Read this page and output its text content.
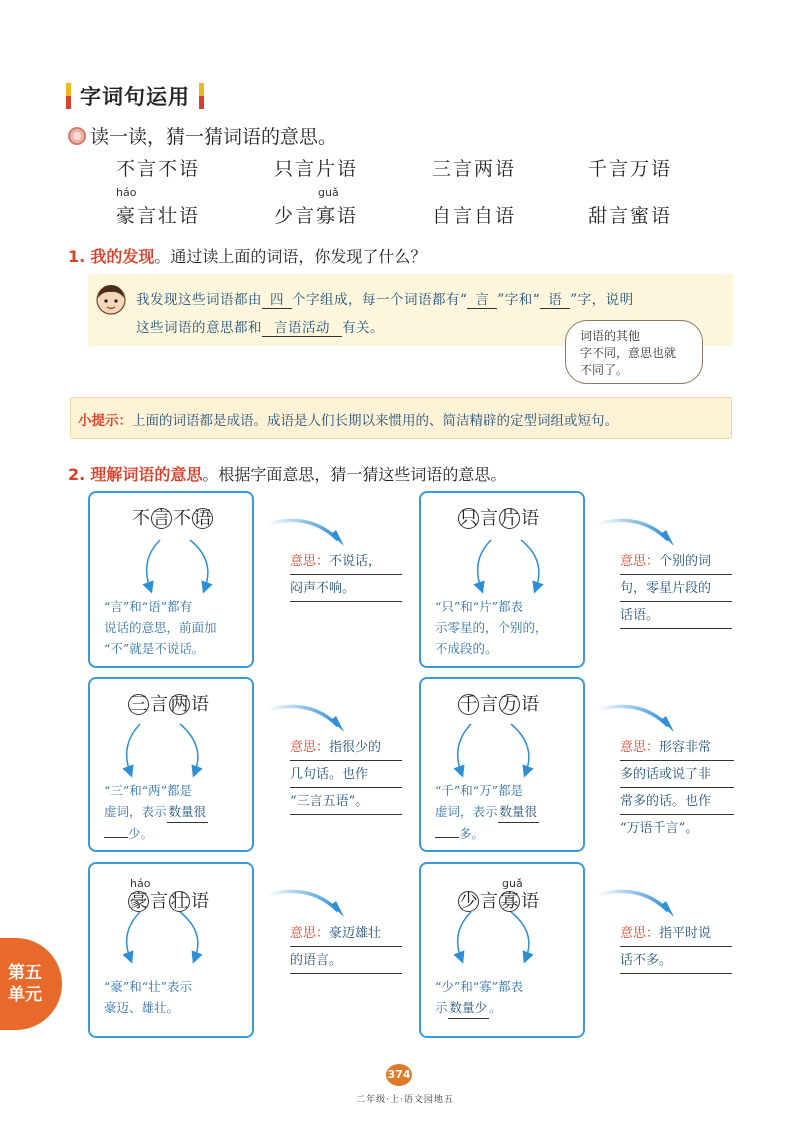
字词句运用
读一读，猜一猜词语的意思。
不言不语	只言片语	三言两语	千言万语
háo	guǎ
豪言壮语	少言寡语	自言自语	甜言蜜语
1. 我的发现。通过读上面的词语，你发现了什么？
我发现这些词语都由 四 个字组成，每一个词语都有“ 言 ”字和“ 语 ”字，说明
这些词语的意思都和 言语活动 有关。	词语的其他
字不同，意思也就
不同了。
小提示：上面的词语都是成语。成语是人们长期以来惯用的、简洁精辟的定型词组或短句。
2. 理解词语的意思。根据字面意思，猜一猜这些词语的意思。
不 言 不 语
“言”和“语”都有
说话的意思，前面加
“不”就是不说话。
意思：不说话，
闷声不响。
只 言 片 语
“只”和“片”都表
示零星的，个别的，
不成段的。
意思：个别的词
句，零星片段的
话语。
三 言 两 语
“三”和“两”都是
虚词，表示 数量很
少。
意思：指很少的
几句话。也作
“三言五语”。
千 言 万 语
“千”和“万”都是
虚词，表示 数量很
多。
意思：形容非常
多的话或说了非
常多的话。也作
“万语千言”。
háo
豪 言 壮 语
“豪”和“壮”表示
豪迈、雄壮。
意思：豪迈雄壮
的语言。
guǎ
少 言 寡 语
“少”和“寡”都表
示 数量少 。
意思：指平时说
话不多。
第五
单元
374
二年级·上·语文园地五
